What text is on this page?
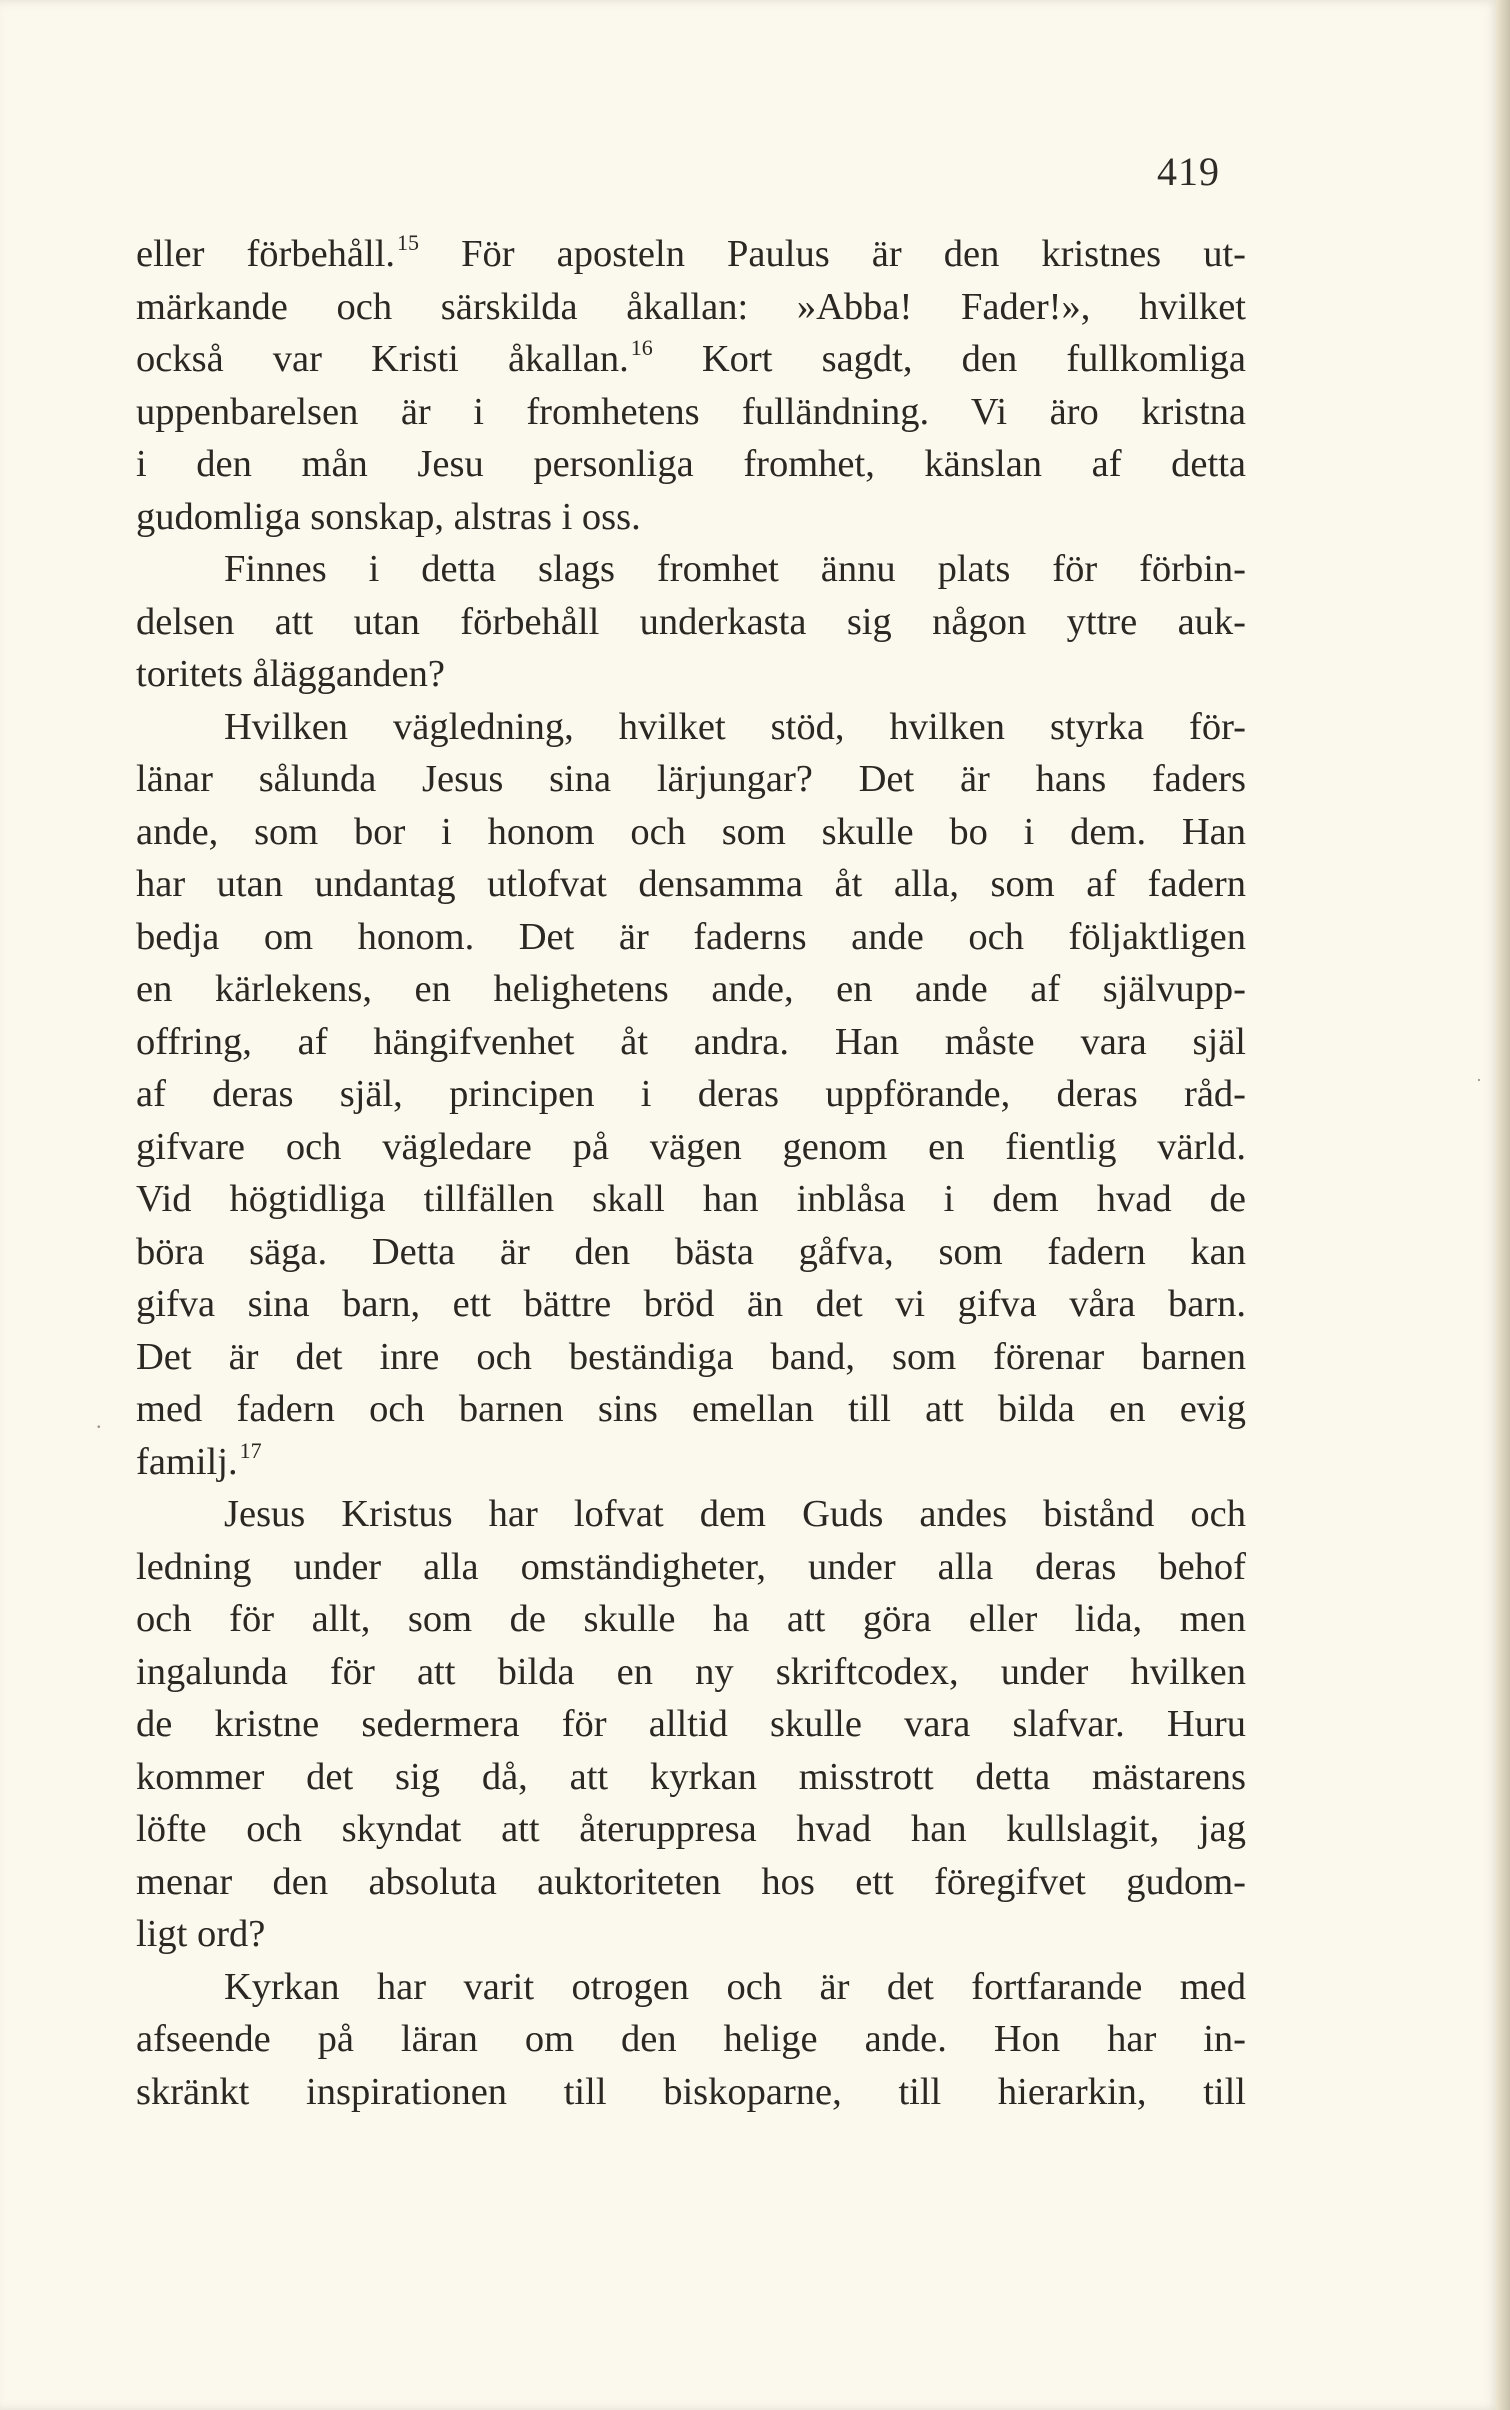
419
eller förbehåll.$^{15}$ För aposteln Paulus är den kristnes ut-
märkande och särskilda åkallan: »Abba! Fader!», hvilket
också var Kristi åkallan.$^{16}$ Kort sagdt, den fullkomliga
uppenbarelsen är i fromhetens fulländning. Vi äro kristna
i den mån Jesu personliga fromhet, känslan af detta
gudomliga sonskap, alstras i oss.
Finnes i detta slags fromhet ännu plats för förbin-
delsen att utan förbehåll underkasta sig någon yttre auk-
toritets ålägganden?
Hvilken vägledning, hvilket stöd, hvilken styrka för-
länar sålunda Jesus sina lärjungar? Det är hans faders
ande, som bor i honom och som skulle bo i dem. Han
har utan undantag utlofvat densamma åt alla, som af fadern
bedja om honom. Det är faderns ande och följaktligen
en kärlekens, en helighetens ande, en ande af självupp-
offring, af hängifvenhet åt andra. Han måste vara själ
af deras själ, principen i deras uppförande, deras råd-
gifvare och vägledare på vägen genom en fientlig värld.
Vid högtidliga tillfällen skall han inblåsa i dem hvad de
böra säga. Detta är den bästa gåfva, som fadern kan
gifva sina barn, ett bättre bröd än det vi gifva våra barn.
Det är det inre och beständiga band, som förenar barnen
med fadern och barnen sins emellan till att bilda en evig
familj.$^{17}$
Jesus Kristus har lofvat dem Guds andes bistånd och
ledning under alla omständigheter, under alla deras behof
och för allt, som de skulle ha att göra eller lida, men
ingalunda för att bilda en ny skriftcodex, under hvilken
de kristne sedermera för alltid skulle vara slafvar. Huru
kommer det sig då, att kyrkan misstrott detta mästarens
löfte och skyndat att återuppresa hvad han kullslagit, jag
menar den absoluta auktoriteten hos ett föregifvet gudom-
ligt ord?
Kyrkan har varit otrogen och är det fortfarande med
afseende på läran om den helige ande. Hon har in-
skränkt inspirationen till biskoparne, till hierarkin, till
.
·
